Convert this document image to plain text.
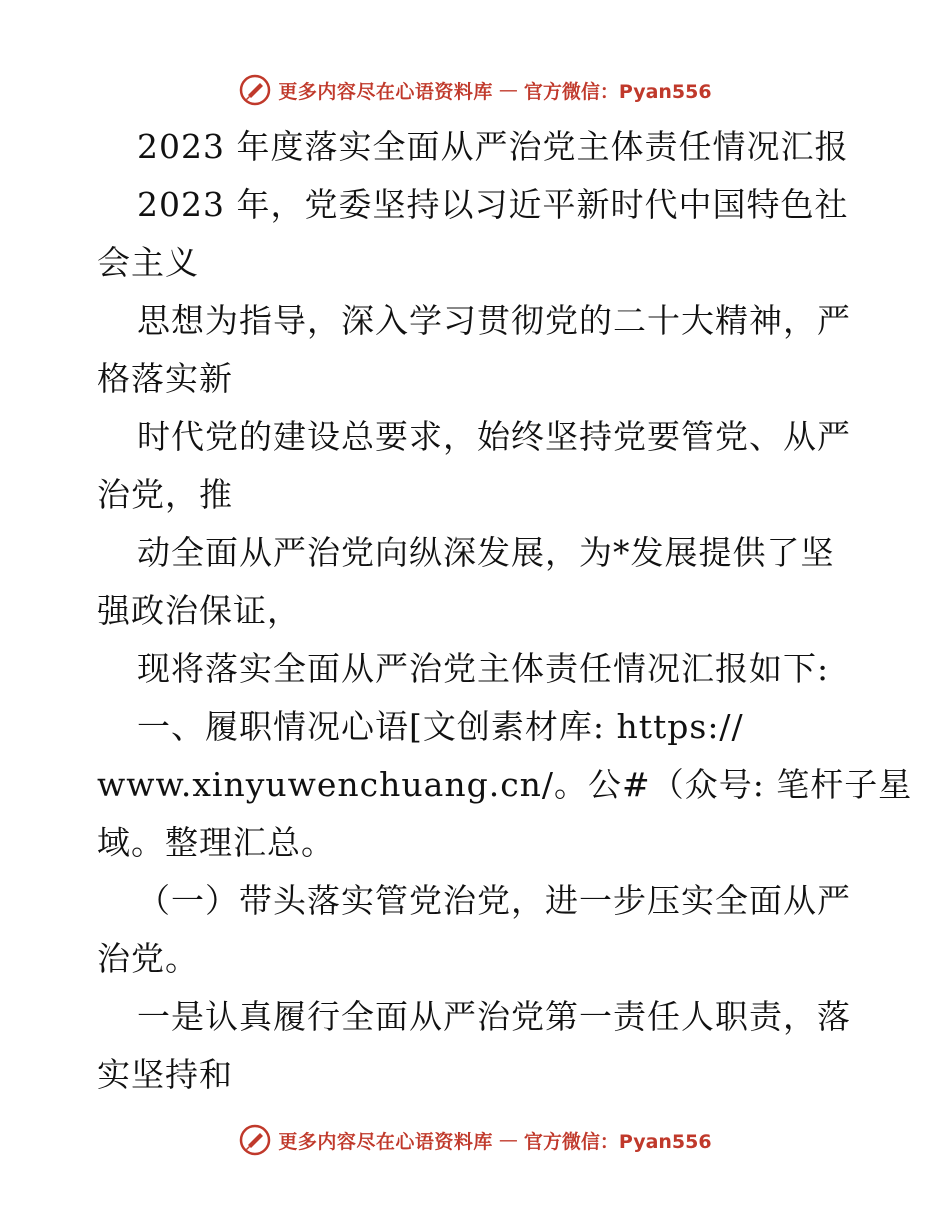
更多内容尽在心语资料库 — 官方微信：Pyan556
2023 年度落实全面从严治党主体责任情况汇报
2023 年，党委坚持以习近平新时代中国特色社
会主义
思想为指导，深入学习贯彻党的二十大精神，严
格落实新
时代党的建设总要求，始终坚持党要管党、从严
治党，推
动全面从严治党向纵深发展，为*发展提供了坚
强政治保证，
现将落实全面从严治党主体责任情况汇报如下:
一、履职情况心语[文创素材库: https://
www.xinyuwenchuang.cn/。公#（众号: 笔杆子星
域。整理汇总。
（一）带头落实管党治党，进一步压实全面从严
治党。
一是认真履行全面从严治党第一责任人职责，落
实坚持和
更多内容尽在心语资料库 — 官方微信：Pyan556
